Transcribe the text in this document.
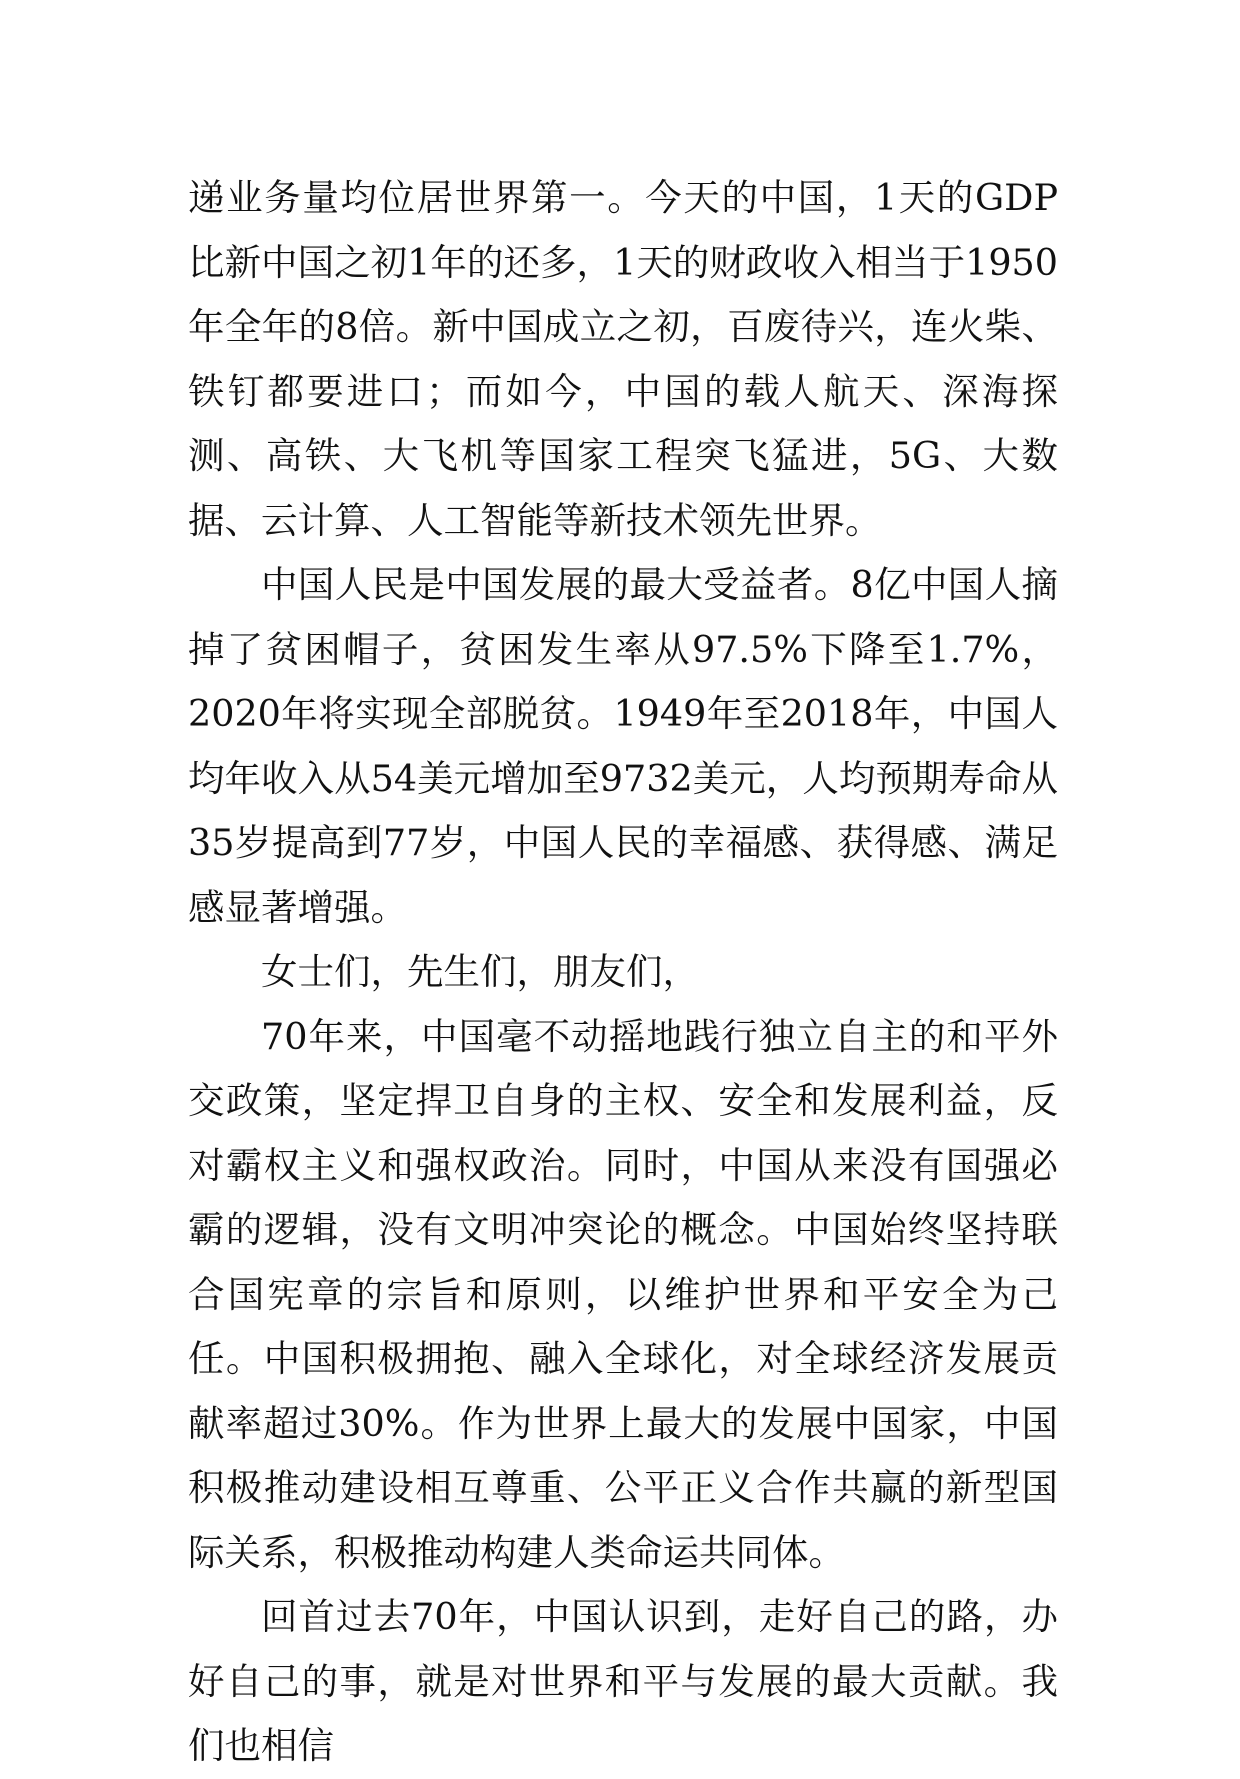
递业务量均位居世界第一。今天的中国，1天的GDP比新中国之初1年的还多，1天的财政收入相当于1950年全年的8倍。新中国成立之初，百废待兴，连火柴、铁钉都要进口；而如今，中国的载人航天、深海探测、高铁、大飞机等国家工程突飞猛进，5G、大数据、云计算、人工智能等新技术领先世界。

中国人民是中国发展的最大受益者。8亿中国人摘掉了贫困帽子，贫困发生率从97.5%下降至1.7%，2020年将实现全部脱贫。1949年至2018年，中国人均年收入从54美元增加至9732美元，人均预期寿命从35岁提高到77岁，中国人民的幸福感、获得感、满足感显著增强。

女士们，先生们，朋友们，

70年来，中国毫不动摇地践行独立自主的和平外交政策，坚定捍卫自身的主权、安全和发展利益，反对霸权主义和强权政治。同时，中国从来没有国强必霸的逻辑，没有文明冲突论的概念。中国始终坚持联合国宪章的宗旨和原则，以维护世界和平安全为己任。中国积极拥抱、融入全球化，对全球经济发展贡献率超过30%。作为世界上最大的发展中国家，中国积极推动建设相互尊重、公平正义合作共赢的新型国际关系，积极推动构建人类命运共同体。

回首过去70年，中国认识到，走好自己的路，办好自己的事，就是对世界和平与发展的最大贡献。我们也相信
